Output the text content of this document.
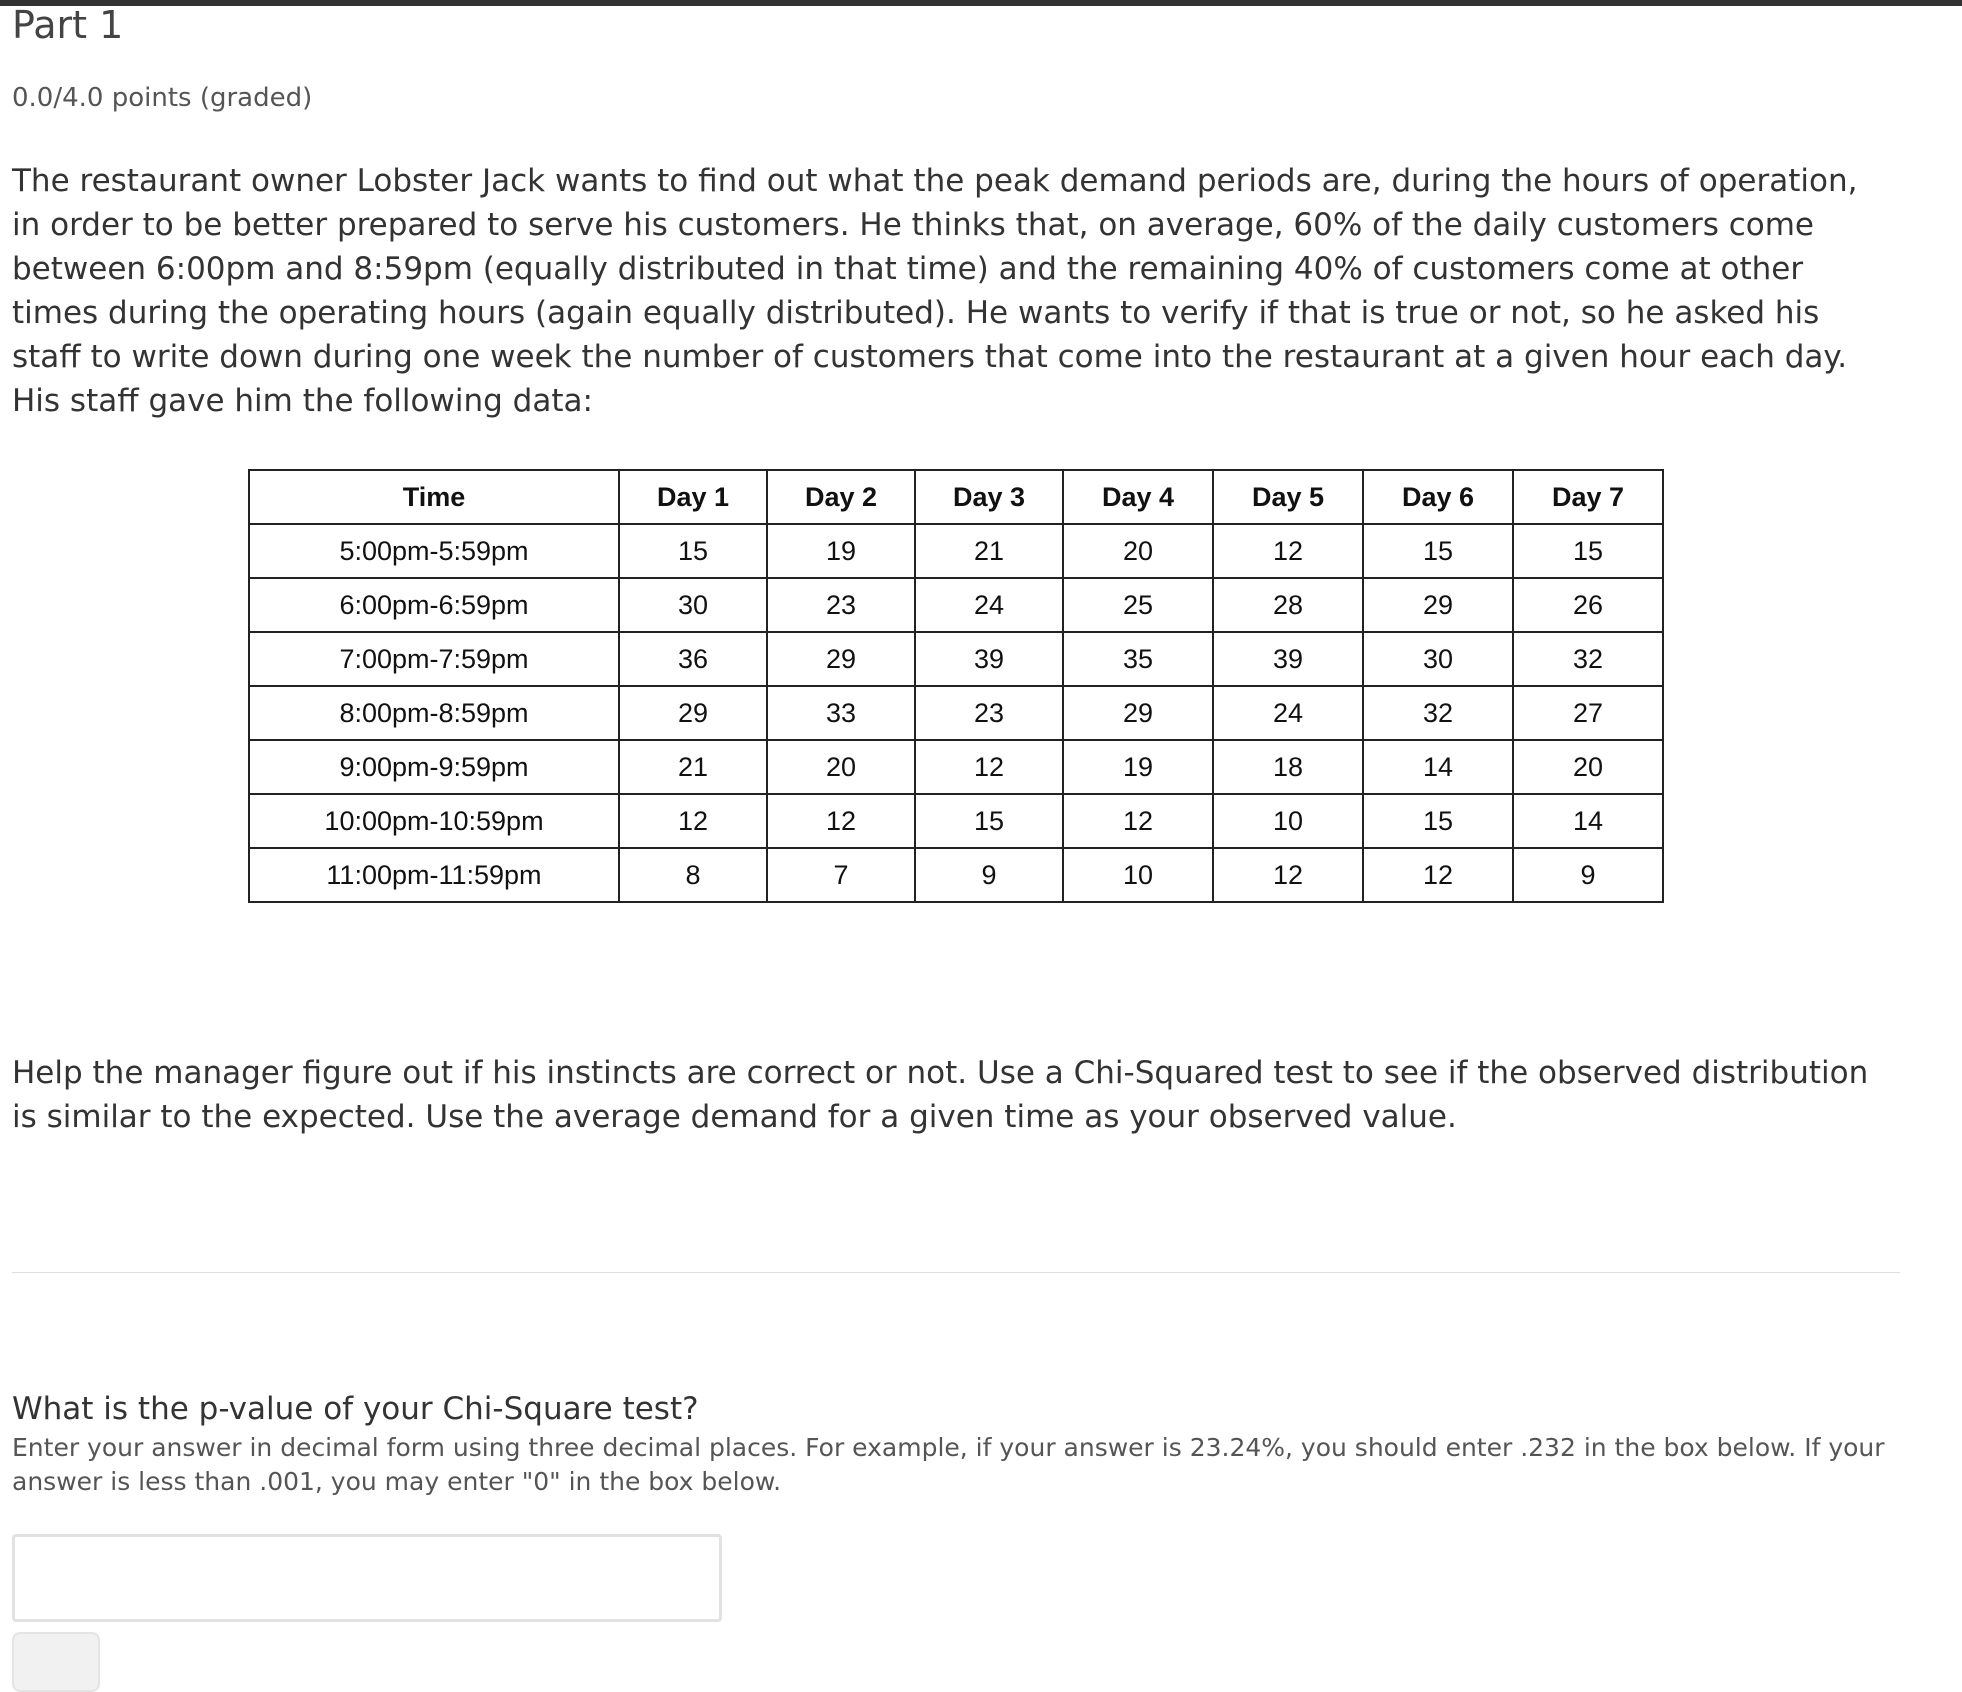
Part 1
0.0/4.0 points (graded)

The restaurant owner Lobster Jack wants to find out what the peak demand periods are, during the hours of operation, in order to be better prepared to serve his customers. He thinks that, on average, 60% of the daily customers come between 6:00pm and 8:59pm (equally distributed in that time) and the remaining 40% of customers come at other times during the operating hours (again equally distributed). He wants to verify if that is true or not, so he asked his staff to write down during one week the number of customers that come into the restaurant at a given hour each day. His staff gave him the following data:

Time	Day 1	Day 2	Day 3	Day 4	Day 5	Day 6	Day 7
5:00pm-5:59pm	15	19	21	20	12	15	15
6:00pm-6:59pm	30	23	24	25	28	29	26
7:00pm-7:59pm	36	29	39	35	39	30	32
8:00pm-8:59pm	29	33	23	29	24	32	27
9:00pm-9:59pm	21	20	12	19	18	14	20
10:00pm-10:59pm	12	12	15	12	10	15	14
11:00pm-11:59pm	8	7	9	10	12	12	9

Help the manager figure out if his instincts are correct or not. Use a Chi-Squared test to see if the observed distribution is similar to the expected. Use the average demand for a given time as your observed value.

What is the p-value of your Chi-Square test?
Enter your answer in decimal form using three decimal places. For example, if your answer is 23.24%, you should enter .232 in the box below. If your answer is less than .001, you may enter "0" in the box below.
